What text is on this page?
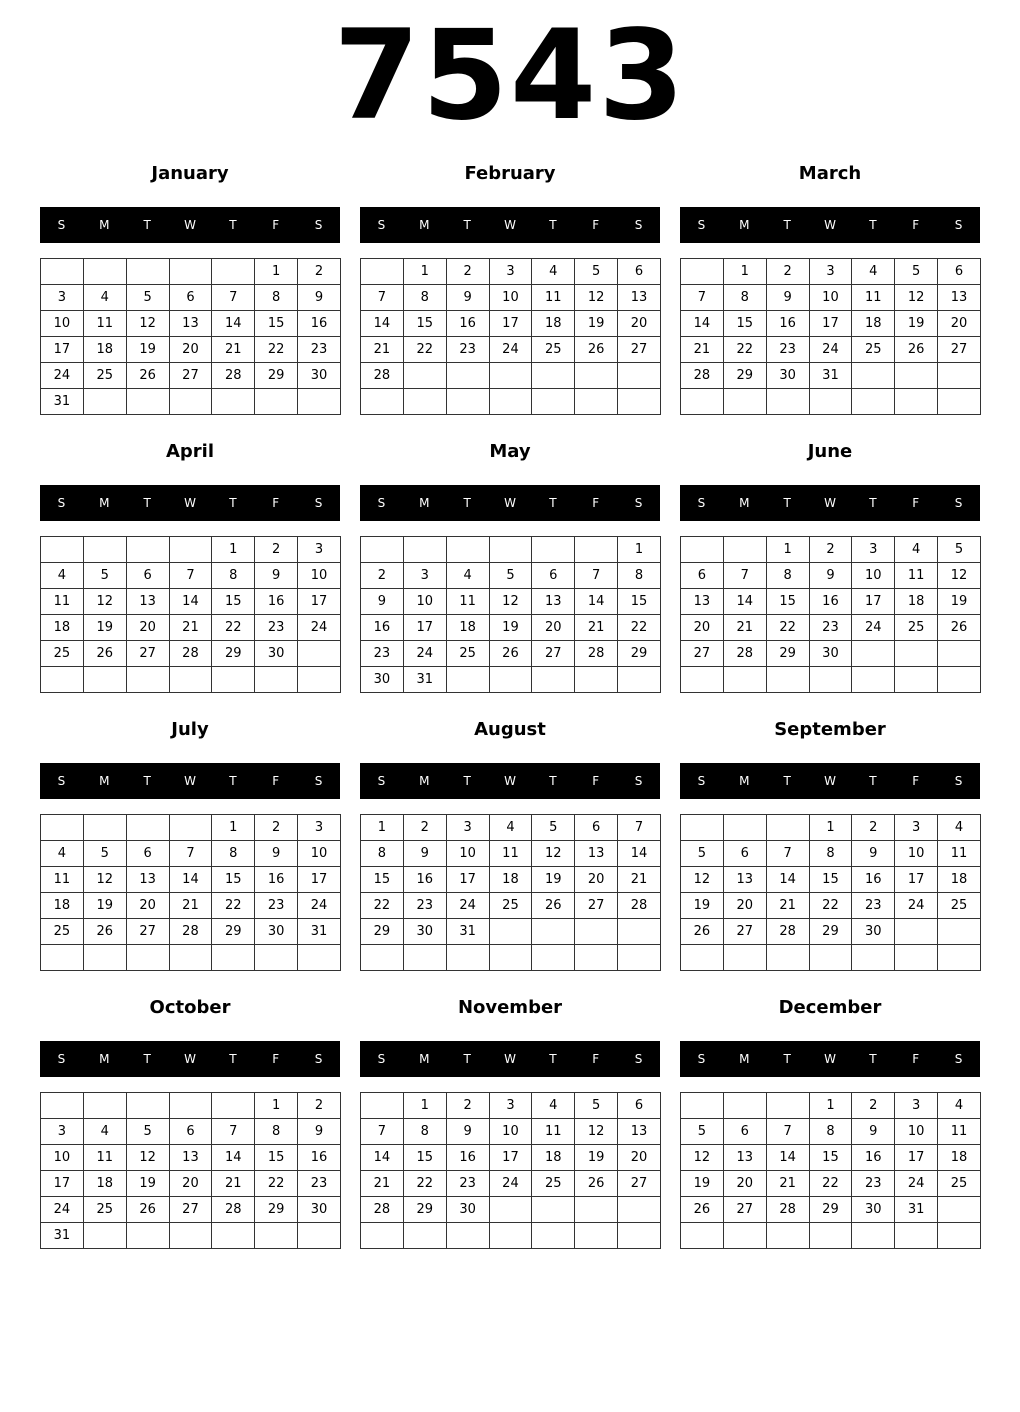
7543
January
S	M	T	W	T	F	S
					1	2
3	4	5	6	7	8	9
10	11	12	13	14	15	16
17	18	19	20	21	22	23
24	25	26	27	28	29	30
31						
February
S	M	T	W	T	F	S
	1	2	3	4	5	6
7	8	9	10	11	12	13
14	15	16	17	18	19	20
21	22	23	24	25	26	27
28						

March
S	M	T	W	T	F	S
	1	2	3	4	5	6
7	8	9	10	11	12	13
14	15	16	17	18	19	20
21	22	23	24	25	26	27
28	29	30	31			

April
S	M	T	W	T	F	S
				1	2	3
4	5	6	7	8	9	10
11	12	13	14	15	16	17
18	19	20	21	22	23	24
25	26	27	28	29	30	

May
S	M	T	W	T	F	S
						1
2	3	4	5	6	7	8
9	10	11	12	13	14	15
16	17	18	19	20	21	22
23	24	25	26	27	28	29
30	31					
June
S	M	T	W	T	F	S
		1	2	3	4	5
6	7	8	9	10	11	12
13	14	15	16	17	18	19
20	21	22	23	24	25	26
27	28	29	30			

July
S	M	T	W	T	F	S
				1	2	3
4	5	6	7	8	9	10
11	12	13	14	15	16	17
18	19	20	21	22	23	24
25	26	27	28	29	30	31

August
S	M	T	W	T	F	S
1	2	3	4	5	6	7
8	9	10	11	12	13	14
15	16	17	18	19	20	21
22	23	24	25	26	27	28
29	30	31				

September
S	M	T	W	T	F	S
			1	2	3	4
5	6	7	8	9	10	11
12	13	14	15	16	17	18
19	20	21	22	23	24	25
26	27	28	29	30		

October
S	M	T	W	T	F	S
					1	2
3	4	5	6	7	8	9
10	11	12	13	14	15	16
17	18	19	20	21	22	23
24	25	26	27	28	29	30
31						
November
S	M	T	W	T	F	S
	1	2	3	4	5	6
7	8	9	10	11	12	13
14	15	16	17	18	19	20
21	22	23	24	25	26	27
28	29	30				

December
S	M	T	W	T	F	S
			1	2	3	4
5	6	7	8	9	10	11
12	13	14	15	16	17	18
19	20	21	22	23	24	25
26	27	28	29	30	31	
